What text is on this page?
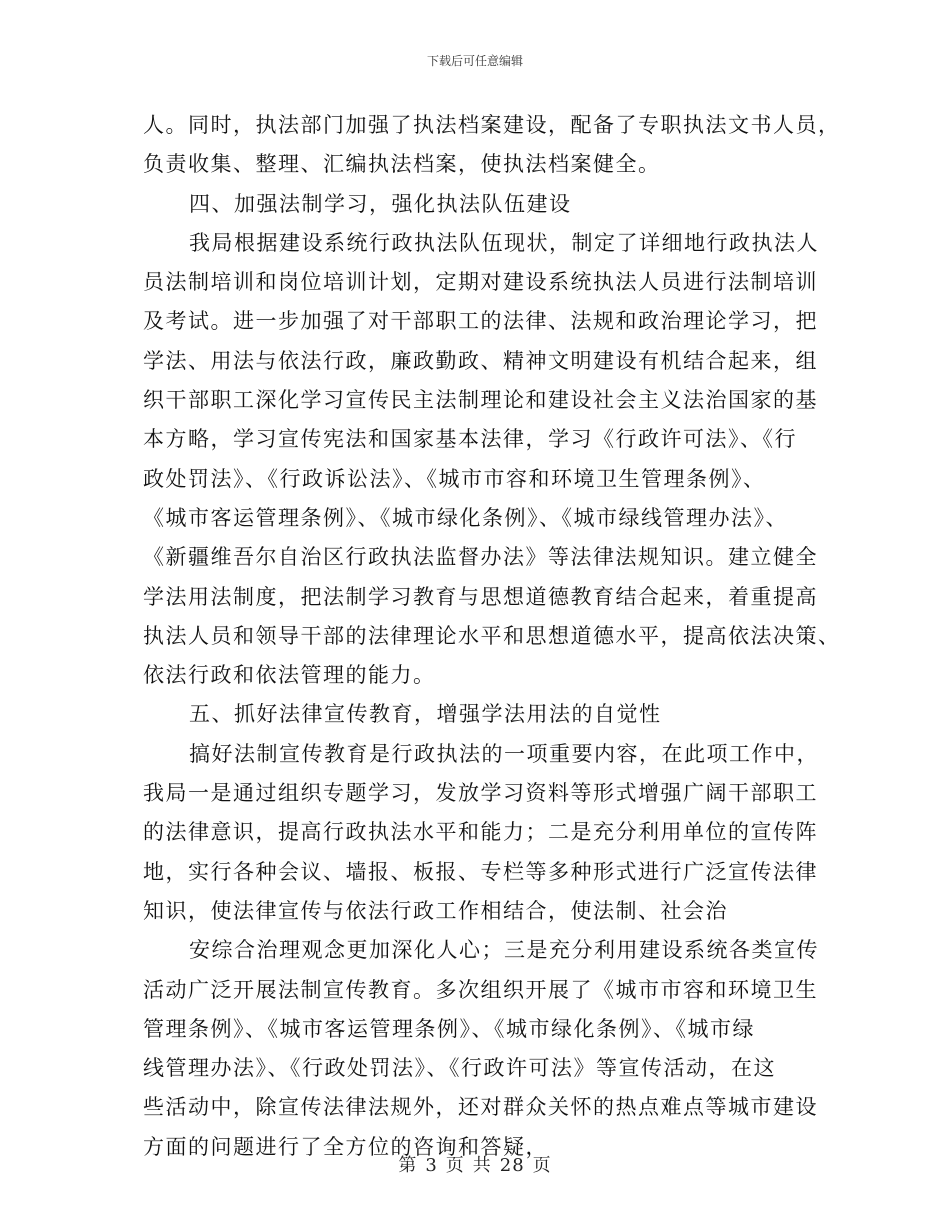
下载后可任意编辑
人。同时，执法部门加强了执法档案建设，配备了专职执法文书人员，
负责收集、整理、汇编执法档案，使执法档案健全。
四、加强法制学习，强化执法队伍建设
我局根据建设系统行政执法队伍现状，制定了详细地行政执法人
员法制培训和岗位培训计划，定期对建设系统执法人员进行法制培训
及考试。进一步加强了对干部职工的法律、法规和政治理论学习，把
学法、用法与依法行政，廉政勤政、精神文明建设有机结合起来，组
织干部职工深化学习宣传民主法制理论和建设社会主义法治国家的基
本方略，学习宣传宪法和国家基本法律，学习《行政许可法》、《行
政处罚法》、《行政诉讼法》、《城市市容和环境卫生管理条例》、
《城市客运管理条例》、《城市绿化条例》、《城市绿线管理办法》、
《新疆维吾尔自治区行政执法监督办法》等法律法规知识。建立健全
学法用法制度，把法制学习教育与思想道德教育结合起来，着重提高
执法人员和领导干部的法律理论水平和思想道德水平，提高依法决策、
依法行政和依法管理的能力。
五、抓好法律宣传教育，增强学法用法的自觉性
搞好法制宣传教育是行政执法的一项重要内容，在此项工作中，
我局一是通过组织专题学习，发放学习资料等形式增强广阔干部职工
的法律意识，提高行政执法水平和能力；二是充分利用单位的宣传阵
地，实行各种会议、墙报、板报、专栏等多种形式进行广泛宣传法律
知识，使法律宣传与依法行政工作相结合，使法制、社会治
安综合治理观念更加深化人心；三是充分利用建设系统各类宣传
活动广泛开展法制宣传教育。多次组织开展了《城市市容和环境卫生
管理条例》、《城市客运管理条例》、《城市绿化条例》、《城市绿
线管理办法》、《行政处罚法》、《行政许可法》等宣传活动，在这
些活动中，除宣传法律法规外，还对群众关怀的热点难点等城市建设
方面的问题进行了全方位的咨询和答疑，
第 3 页 共 28 页
